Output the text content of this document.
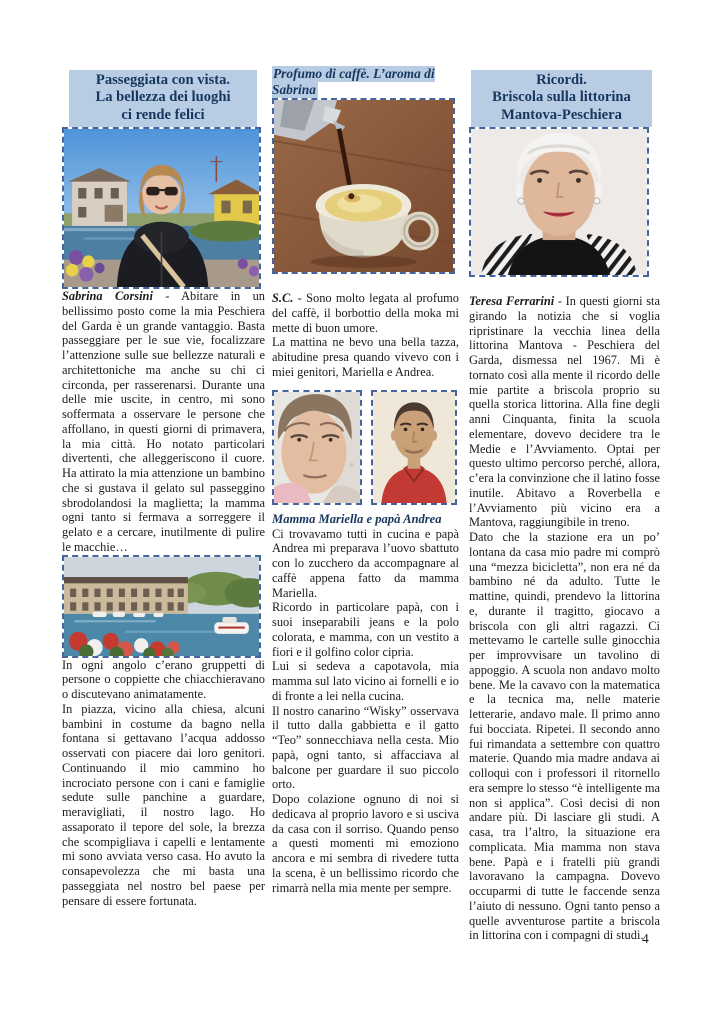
Passeggiata con vista.
La bellezza dei luoghi
ci rende felici

Sabrina Corsini - Abitare in un bellissimo posto come la mia Peschiera del Garda è un grande vantaggio. Basta passeggiare per le sue vie, focalizzare l’attenzione sulle sue bellezze naturali e architettoniche ma anche su chi ci circonda, per rasserenarsi. Durante una delle mie uscite, in centro, mi sono soffermata a osservare le persone che affollano, in questi giorni di primavera, la mia città. Ho notato particolari divertenti, che alleggeriscono il cuore. Ha attirato la mia attenzione un bambino che si gustava il gelato sul passeggino sbrodolandosi la maglietta; la mamma ogni tanto si fermava a sorreggere il gelato e a cercare, inutilmente di pulire le macchie…

In ogni angolo c’erano gruppetti di persone o coppiette che chiacchieravano o discutevano animatamente.

In piazza, vicino alla chiesa, alcuni bambini in costume da bagno nella fontana si gettavano l’acqua addosso osservati con piacere dai loro genitori. Continuando il mio cammino ho incrociato persone con i cani e famiglie sedute sulle panchine a guardare, meravigliati, il nostro lago. Ho assaporato il tepore del sole, la brezza che scompigliava i capelli e lentamente mi sono avviata verso casa. Ho avuto la consapevolezza che mi basta una passeggiata nel nostro bel paese per pensare di essere fortunata.

Profumo di caffè. L’aroma di Sabrina

S.C. - Sono molto legata al profumo del caffè, il borbottio della moka mi mette di buon umore.

La mattina ne bevo una bella tazza, abitudine presa quando vivevo con i miei genitori, Mariella e Andrea.

Mamma Mariella e papà Andrea

Ci trovavamo tutti in cucina e papà Andrea mi preparava l’uovo sbattuto con lo zucchero da accompagnare al caffè appena fatto da mamma Mariella.

Ricordo in particolare papà, con i suoi inseparabili jeans e la polo colorata, e mamma, con un vestito a fiori e il golfino color cipria.

Lui si sedeva a capotavola, mia mamma sul lato vicino ai fornelli e io di fronte a lei nella cucina.

Il nostro canarino “Wisky” osservava il tutto dalla gabbietta e il gatto “Teo” sonnecchiava nella cesta. Mio papà, ogni tanto, si affacciava al balcone per guardare il suo piccolo orto.

Dopo colazione ognuno di noi si dedicava al proprio lavoro e si usciva da casa con il sorriso. Quando penso a questi momenti mi emoziono ancora e mi sembra di rivedere tutta la scena, è un bellissimo ricordo che rimarrà nella mia mente per sempre.

Ricordi.
Briscola sulla littorina
Mantova-Peschiera

Teresa Ferrarini - In questi giorni sta girando la notizia che si voglia ripristinare la vecchia linea della littorina Mantova - Peschiera del Garda, dismessa nel 1967. Mi è tornato così alla mente il ricordo delle mie partite a briscola proprio su quella storica littorina. Alla fine degli anni Cinquanta, finita la scuola elementare, dovevo decidere tra le Medie e l’Avviamento. Optai per questo ultimo percorso perché, allora, c’era la convinzione che il latino fosse inutile. Abitavo a Roverbella e l’Avviamento più vicino era a Mantova, raggiungibile in treno.

Dato che la stazione era un po’ lontana da casa mio padre mi comprò una “mezza bicicletta”, non era né da bambino né da adulto. Tutte le mattine, quindi, prendevo la littorina e, durante il tragitto, giocavo a briscola con gli altri ragazzi. Ci mettevamo le cartelle sulle ginocchia per improvvisare un tavolino di appoggio. A scuola non andavo molto bene. Me la cavavo con la matematica e la tecnica ma, nelle materie letterarie, andavo male. Il primo anno fui bocciata. Ripetei. Il secondo anno fui rimandata a settembre con quattro materie. Quando mia madre andava ai colloqui con i professori il ritornello era sempre lo stesso “è intelligente ma non si applica”. Così decisi di non andare più. Di lasciare gli studi. A casa, tra l’altro, la situazione era complicata. Mia mamma non stava bene. Papà e i fratelli più grandi lavoravano la campagna. Dovevo occuparmi di tutte le faccende senza l’aiuto di nessuno. Ogni tanto penso a quelle avventurose partite a briscola in littorina con i compagni di studi.

4
